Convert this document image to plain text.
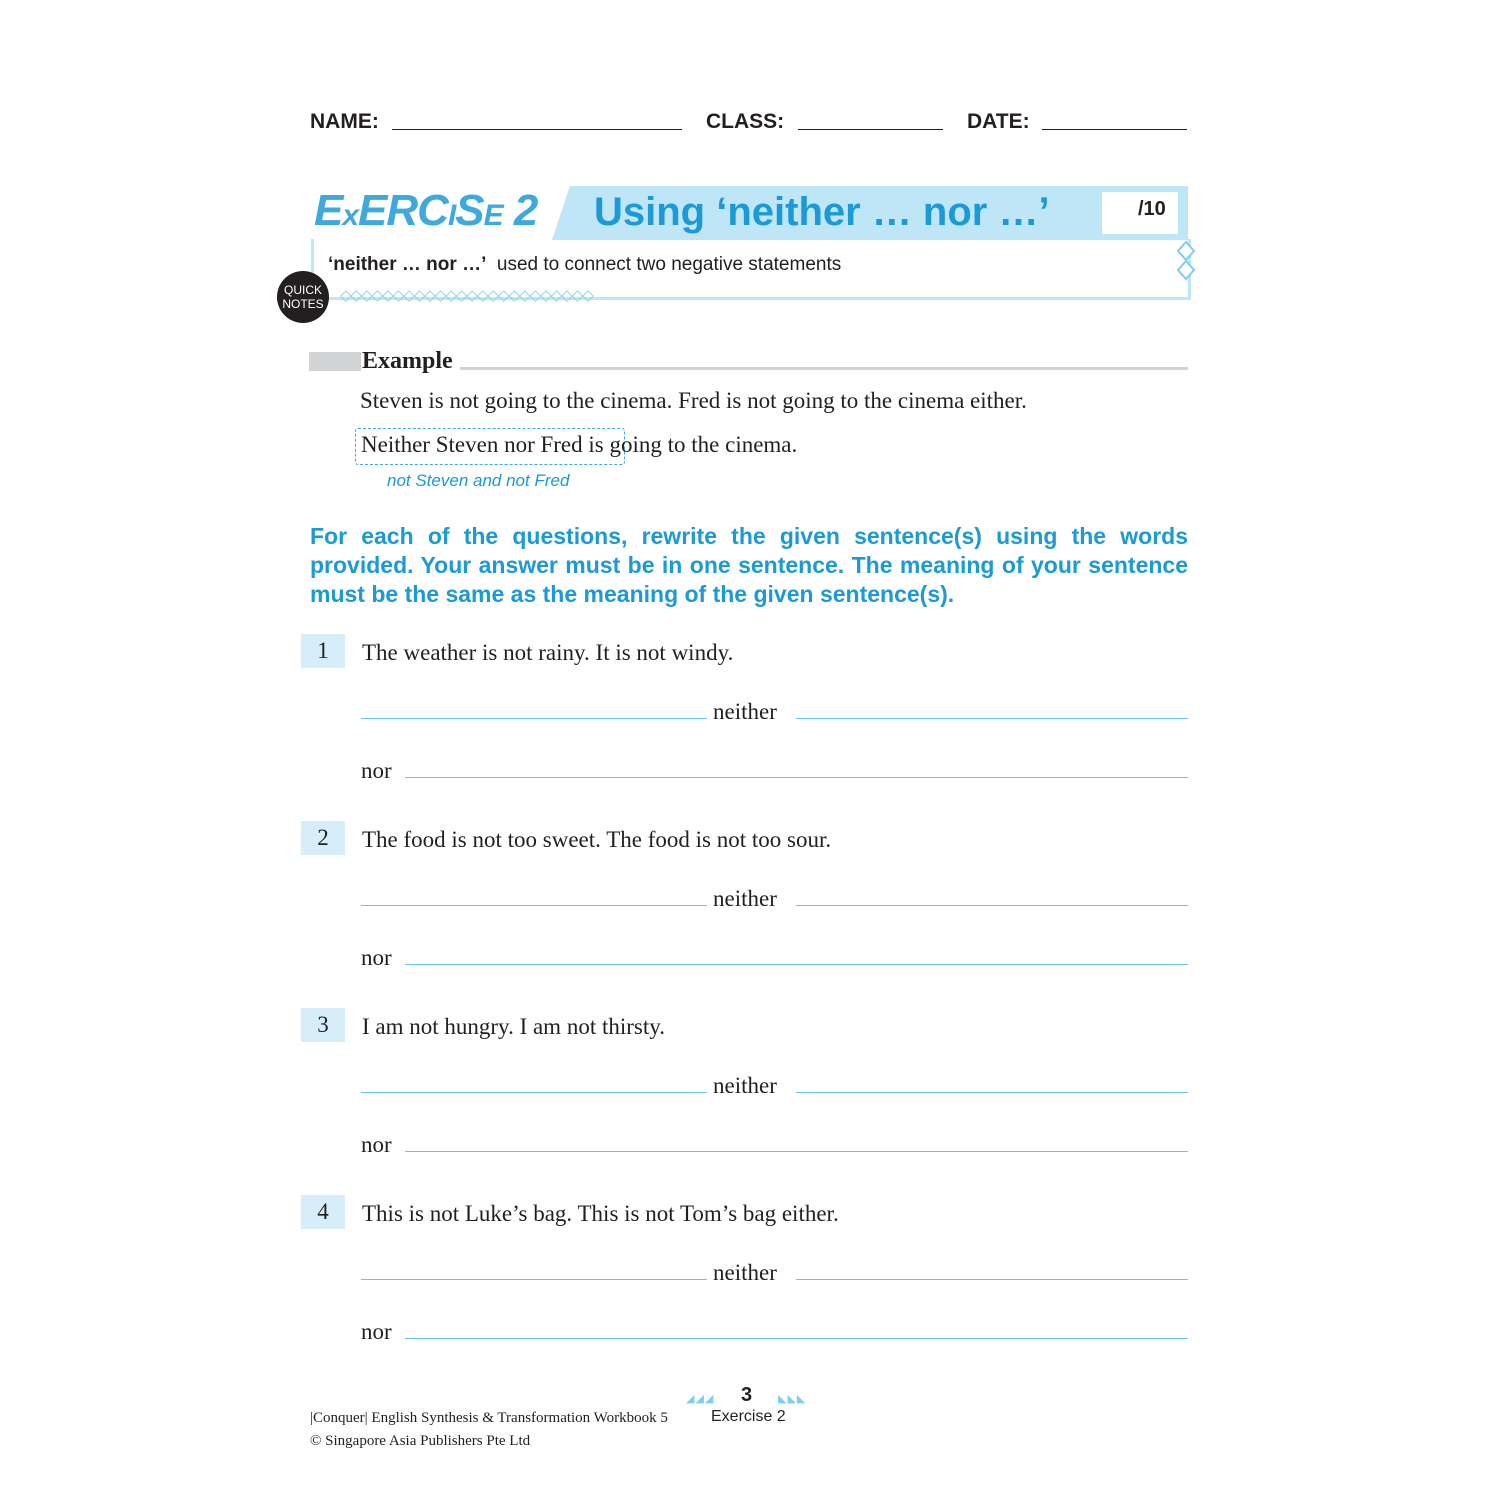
NAME:	CLASS:	DATE:
ExERCISE 2 Using ‘neither … nor …’	/10
‘neither … nor …’ used to connect two negative statements
◇◇◇◇◇◇◇◇◇◇◇◇◇◇◇◇◇◇◇◇◇◇◇◇
QUICK
NOTES
Example
Steven is not going to the cinema. Fred is not going to the cinema either.
Neither Steven nor Fred is going to the cinema.
not Steven and not Fred
For each of the questions, rewrite the given sentence(s) using the words provided. Your answer must be in one sentence. The meaning of your sentence must be the same as the meaning of the given sentence(s).
1	The weather is not rainy. It is not windy.
neither
nor
2	The food is not too sweet. The food is not too sour.
neither
nor
3	I am not hungry. I am not thirsty.
neither
nor
4	This is not Luke’s bag. This is not Tom’s bag either.
neither
nor
◢◢◢ 3 ◣◣◣
Exercise 2
|Conquer| English Synthesis & Transformation Workbook 5
© Singapore Asia Publishers Pte Ltd
